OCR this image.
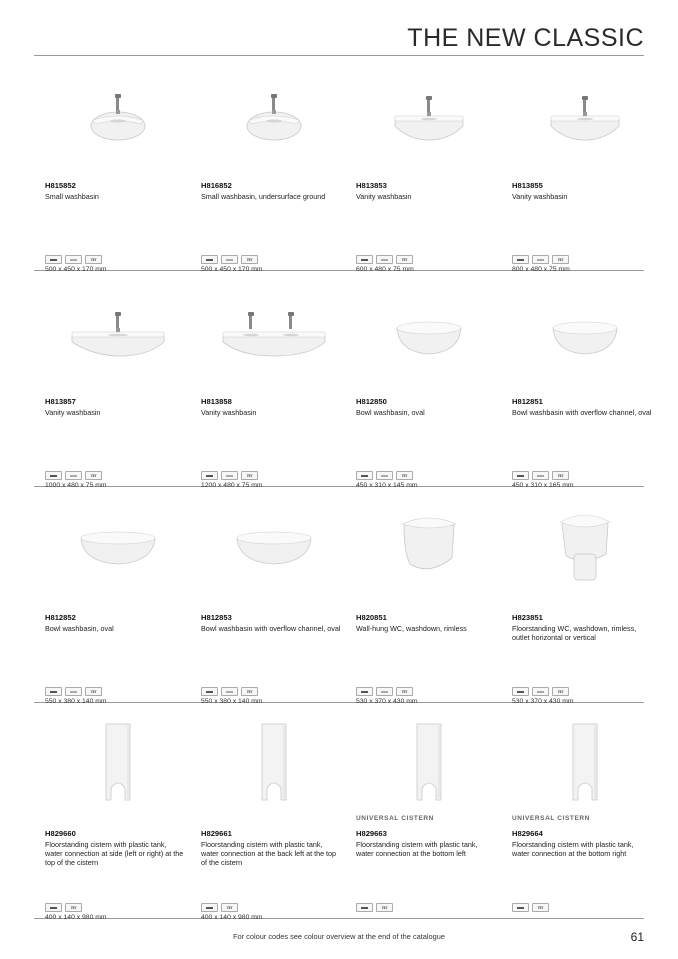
THE NEW CLASSIC
H815852
Small washbasin
757
500 x 450 x 170 mm
H816852
Small washbasin, undersurface ground
757
500 x 450 x 170 mm
H813853
Vanity washbasin
757
600 x 480 x 75 mm
H813855
Vanity washbasin
757
800 x 480 x 75 mm
H813857
Vanity washbasin
757
1000 x 480 x 75 mm
H813858
Vanity washbasin
757
1200 x 480 x 75 mm
H812850
Bowl washbasin, oval
757
450 x 310 x 145 mm
H812851
Bowl washbasin with overflow channel, oval
757
450 x 310 x 165 mm
H812852
Bowl washbasin, oval
757
550 x 380 x 140 mm
H812853
Bowl washbasin with overflow channel, oval
757
550 x 380 x 140 mm
H820851
Wall-hung WC, washdown, rimless
757
530 x 370 x 430 mm
H823851
Floorstanding WC, washdown, rimless, outlet horizontal or vertical
757
530 x 370 x 430 mm
H829660
Floorstanding cistern with plastic tank, water connection at side (left or right) at the top of the cistern
757
400 x 140 x 980 mm
H829661
Floorstanding cistern with plastic tank, water connection at the back left at the top of the cistern
757
400 x 140 x 980 mm
UNIVERSAL CISTERN
H829663
Floorstanding cistern with plastic tank, water connection at the bottom left
757
UNIVERSAL CISTERN
H829664
Floorstanding cistern with plastic tank, water connection at the bottom right
757
For colour codes see colour overview at the end of the catalogue	61
